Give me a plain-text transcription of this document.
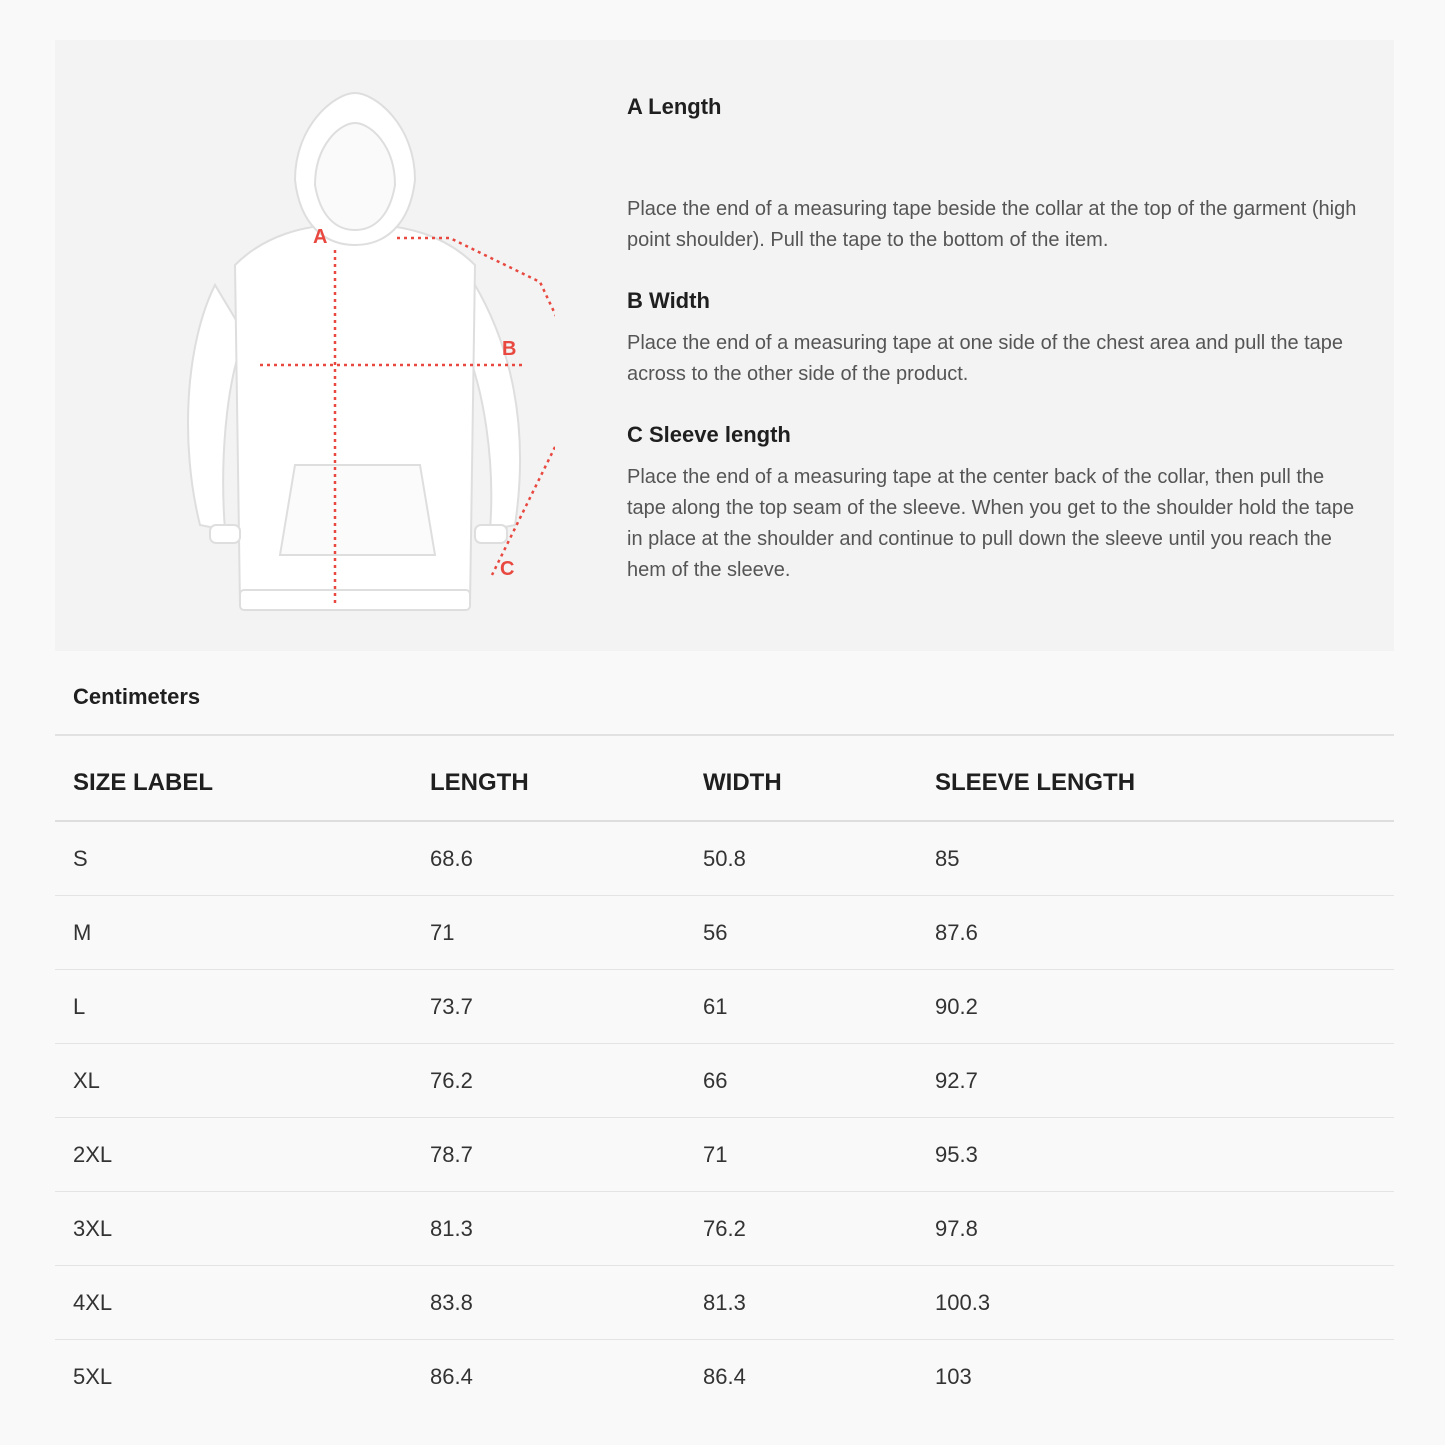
A
B
C
A Length

Place the end of a measuring tape beside the collar at the top of the garment (high point shoulder). Pull the tape to the bottom of the item.

B Width

Place the end of a measuring tape at one side of the chest area and pull the tape across to the other side of the product.

C Sleeve length

Place the end of a measuring tape at the center back of the collar, then pull the tape along the top seam of the sleeve. When you get to the shoulder hold the tape in place at the shoulder and continue to pull down the sleeve until you reach the hem of the sleeve.

Centimeters
SIZE LABEL	LENGTH	WIDTH	SLEEVE LENGTH
S	68.6	50.8	85
M	71	56	87.6
L	73.7	61	90.2
XL	76.2	66	92.7
2XL	78.7	71	95.3
3XL	81.3	76.2	97.8
4XL	83.8	81.3	100.3
5XL	86.4	86.4	103
